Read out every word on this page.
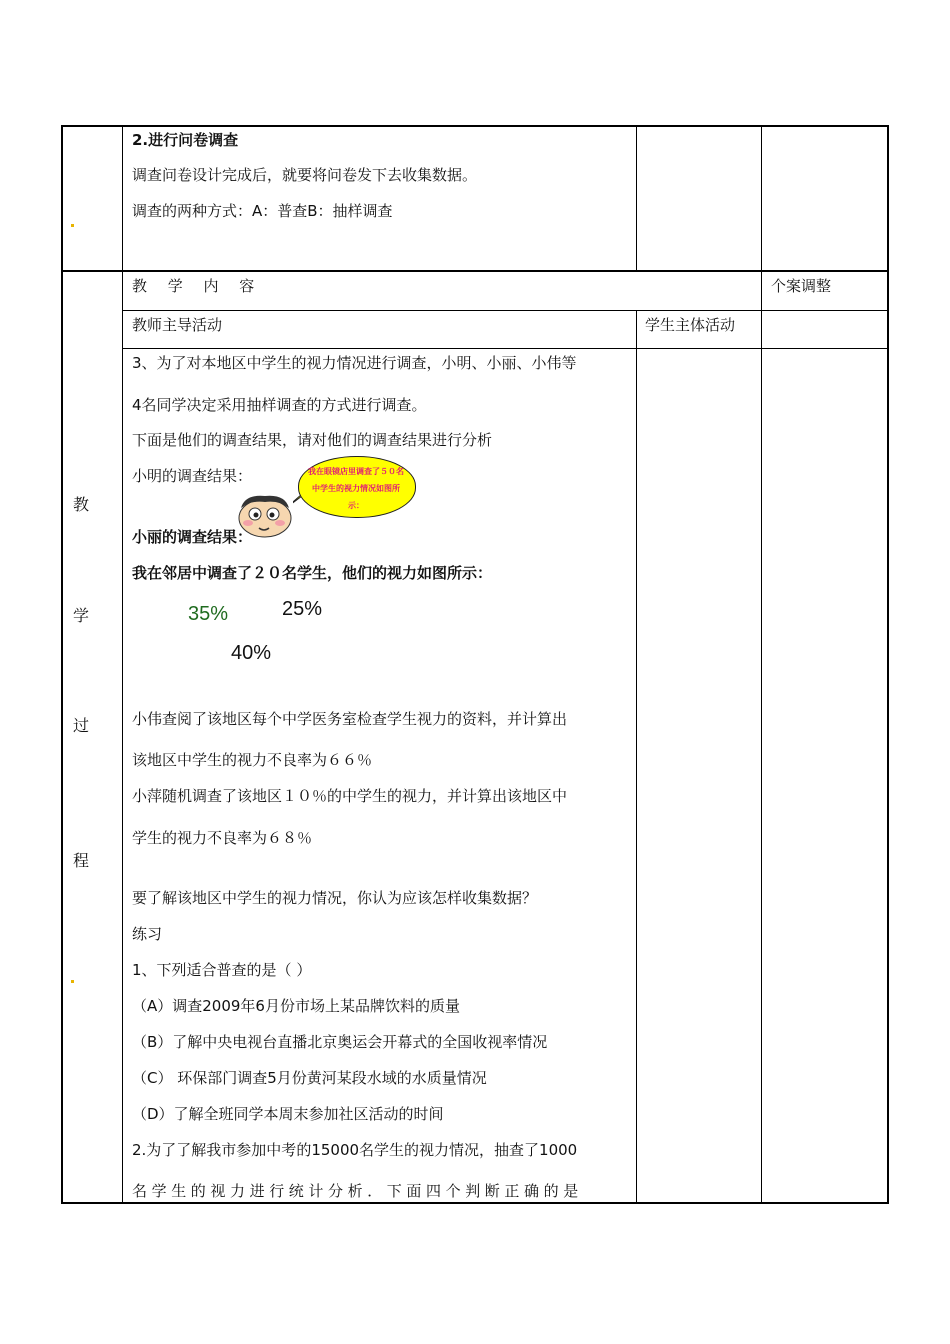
2.进行问卷调查
调查问卷设计完成后，就要将问卷发下去收集数据。
调查的两种方式：A：普查B：抽样调查
教 学 内 容	个案调整
教师主导活动	学生主体活动
教
学
过
程
3、为了对本地区中学生的视力情况进行调查，小明、小丽、小伟等
4名同学决定采用抽样调查的方式进行调查。
下面是他们的调查结果，请对他们的调查结果进行分析
小明的调查结果：	我在眼镜店里调查了５０名中学生的视力情况如图所示：
小丽的调查结果：
我在邻居中调查了２０名学生，他们的视力如图所示：
35%	25%
40%
小伟查阅了该地区每个中学医务室检查学生视力的资料，并计算出
该地区中学生的视力不良率为６６％
小萍随机调查了该地区１０％的中学生的视力，并计算出该地区中
学生的视力不良率为６８％
要了解该地区中学生的视力情况，你认为应该怎样收集数据？
练习
1、下列适合普查的是（ ）
（A）调查2009年6月份市场上某品牌饮料的质量
（B）了解中央电视台直播北京奥运会开幕式的全国收视率情况
（C） 环保部门调查5月份黄河某段水域的水质量情况
（D）了解全班同学本周末参加社区活动的时间
2.为了了解我市参加中考的15000名学生的视力情况，抽查了1000
名学生的视力进行统计分析．下面四个判断正确的是
